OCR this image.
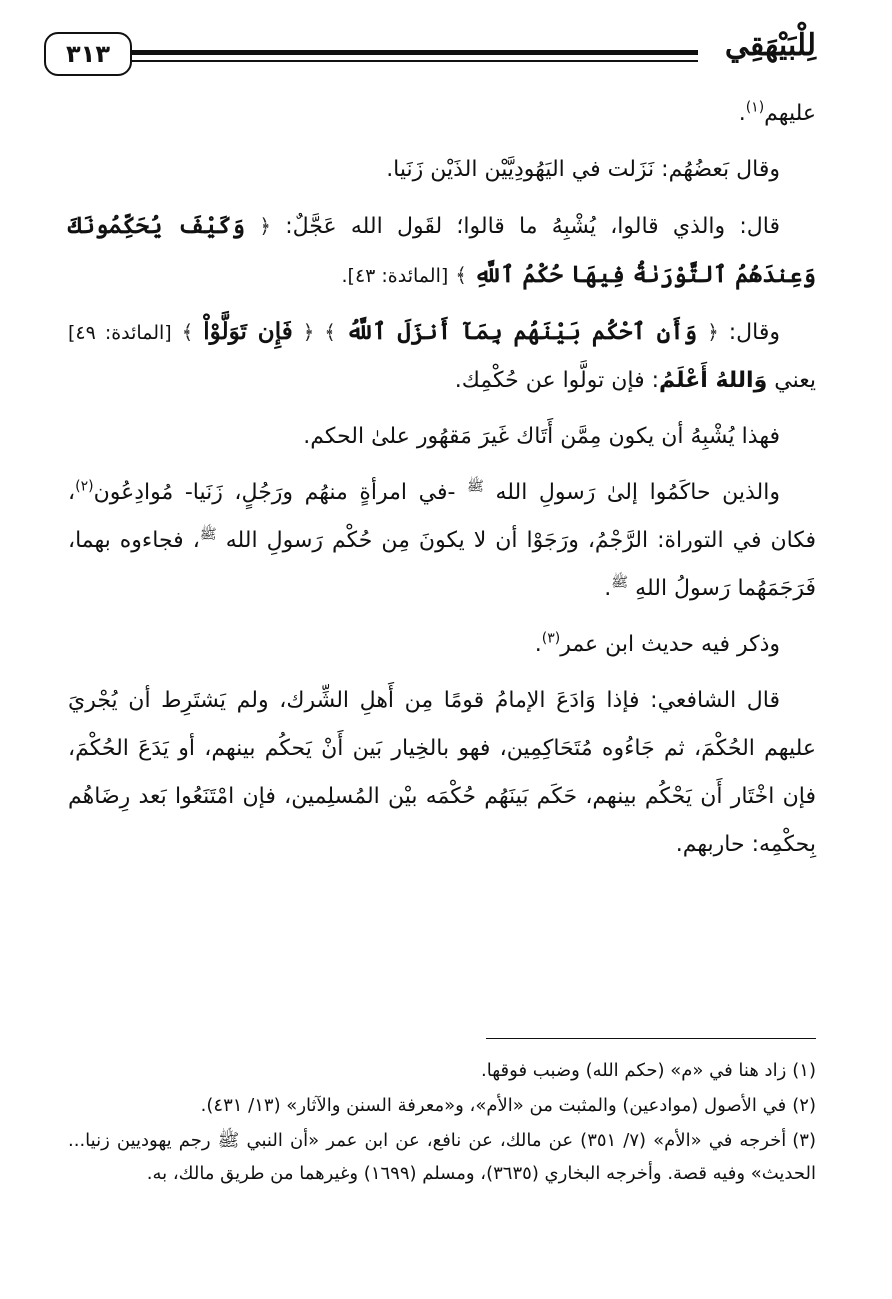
لِلْبَيْهَقِي
٣١٣

عليهم$^{(١)}$.

وقال بَعضُهُم: نَزَلت في اليَهُودِيَّيْن الذَيْن زَنَيا.

قال: والذي قالوا، يُشْبِهُ ما قالوا؛ لقَول الله عَجَّلٌ: ﴿ وَكَيْفَ يُحَكِّمُونَكَ وَعِندَهُمُ ٱلتَّوْرَىٰةُ فِيهَا حُكْمُ ٱللَّهِ ﴾ [المائدة: ٤٣].

وقال: ﴿ وَأَنِ ٱحْكُم بَيْنَهُم بِمَآ أَنزَلَ ٱللَّهُ ﴾ ﴿ فَإِن تَوَلَّوْاْ ﴾ [المائدة: ٤٩] يعني وَاللهُ أَعْلَمُ: فإن تولَّوا عن حُكْمِك.

فهذا يُشْبِهُ أن يكون مِمَّن أَتَاك غَيرَ مَقهُور علىٰ الحكم.

والذين حاكَمُوا إلىٰ رَسولِ الله $^ﷺ$ -في امرأةٍ منهُم ورَجُلٍ، زَنَيا- مُوادِعُون$^{(٢)}$، فكان في التوراة: الرَّجْمُ، ورَجَوْا أن لا يكونَ مِن حُكْم رَسولِ الله $^ﷺ$، فجاءوه بهما، فَرَجَمَهُما رَسولُ اللهِ $^ﷺ$.

وذكر فيه حديث ابن عمر$^{(٣)}$.

قال الشافعي: فإذا وَادَعَ الإمامُ قومًا مِن أَهلِ الشِّرك، ولم يَشتَرِط أن يُجْريَ عليهم الحُكْمَ، ثم جَاءُوه مُتَحَاكِمِين، فهو بالخِيار بَين أَنْ يَحكُم بينهم، أو يَدَعَ الحُكْمَ، فإن اخْتَار أَن يَحْكُم بينهم، حَكَم بَينَهُم حُكْمَه بيْن المُسلِمين، فإن امْتَنَعُوا بَعد رِضَاهُم بِحكْمِه: حاربهم.

(١)زاد هنا في «م» (حكم الله) وضبب فوقها.

(٢)في الأصول (موادعين) والمثبت من «الأم»، و«معرفة السنن والآثار» (١٣/ ٤٣١).

(٣)أخرجه في «الأم» (٧/ ٣٥١) عن مالك، عن نافع، عن ابن عمر «أن النبي ﷺ رجم يهوديين زنيا... الحديث» وفيه قصة. وأخرجه البخاري (٣٦٣٥)، ومسلم (١٦٩٩) وغيرهما من طريق مالك، به.
